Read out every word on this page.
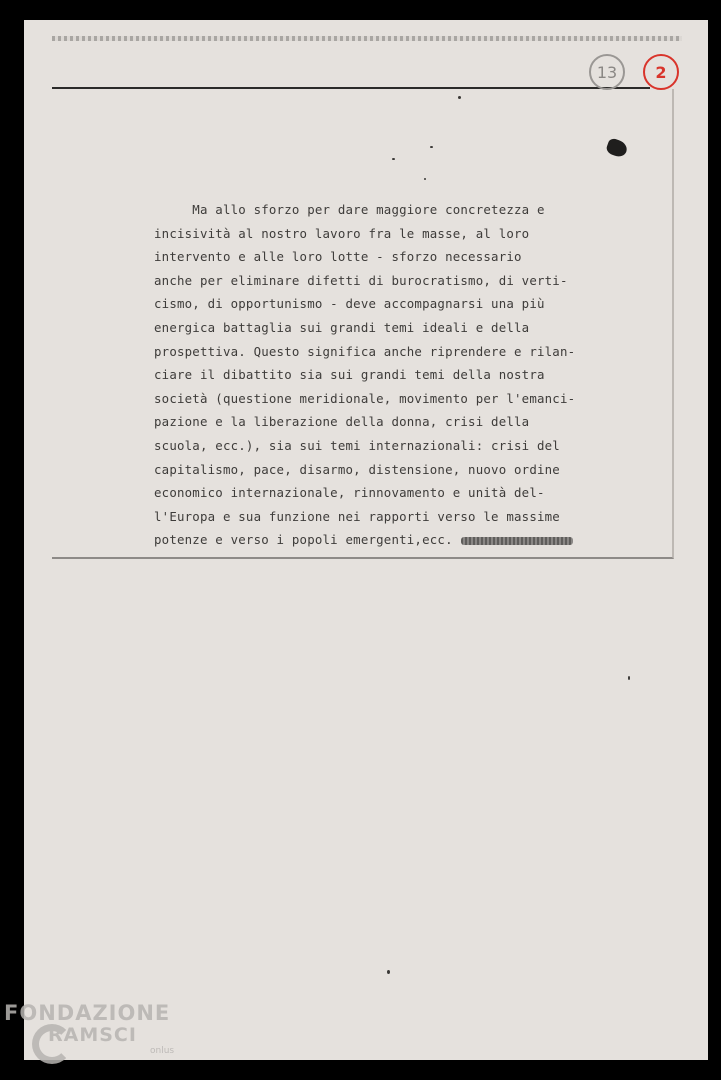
13 2
Ma allo sforzo per dare maggiore concretezza e
incisività al nostro lavoro fra le masse, al loro
intervento e alle loro lotte - sforzo necessario
anche per eliminare difetti di burocratismo, di verti-
cismo, di opportunismo - deve accompagnarsi una più
energica battaglia sui grandi temi ideali e della
prospettiva. Questo significa anche riprendere e rilan-
ciare il dibattito sia sui grandi temi della nostra
società (questione meridionale, movimento per l'emanci-
pazione e la liberazione della donna, crisi della
scuola, ecc.), sia sui temi internazionali: crisi del
capitalismo, pace, disarmo, distensione, nuovo ordine
economico internazionale, rinnovamento e unità del-
l'Europa e sua funzione nei rapporti verso le massime
potenze e verso i popoli emergenti,ecc.
FONDAZIONE
RAMSCI
onlus
